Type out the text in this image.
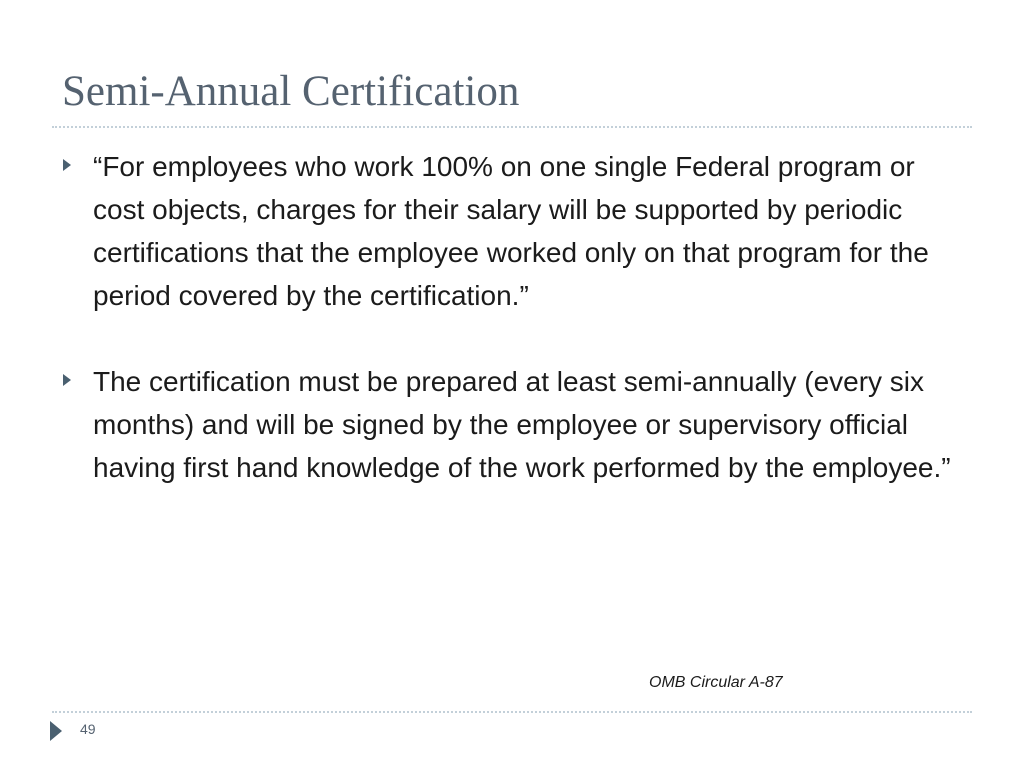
Semi-Annual Certification
“For employees who work 100% on one single Federal program or cost objects, charges for their salary will be supported by periodic certifications that the employee worked only on that program for the period covered by the certification.”
The certification must be prepared at least semi-annually (every six months) and will be signed by the employee or supervisory official having first hand knowledge of the work performed by the employee.”
OMB Circular A-87
49
